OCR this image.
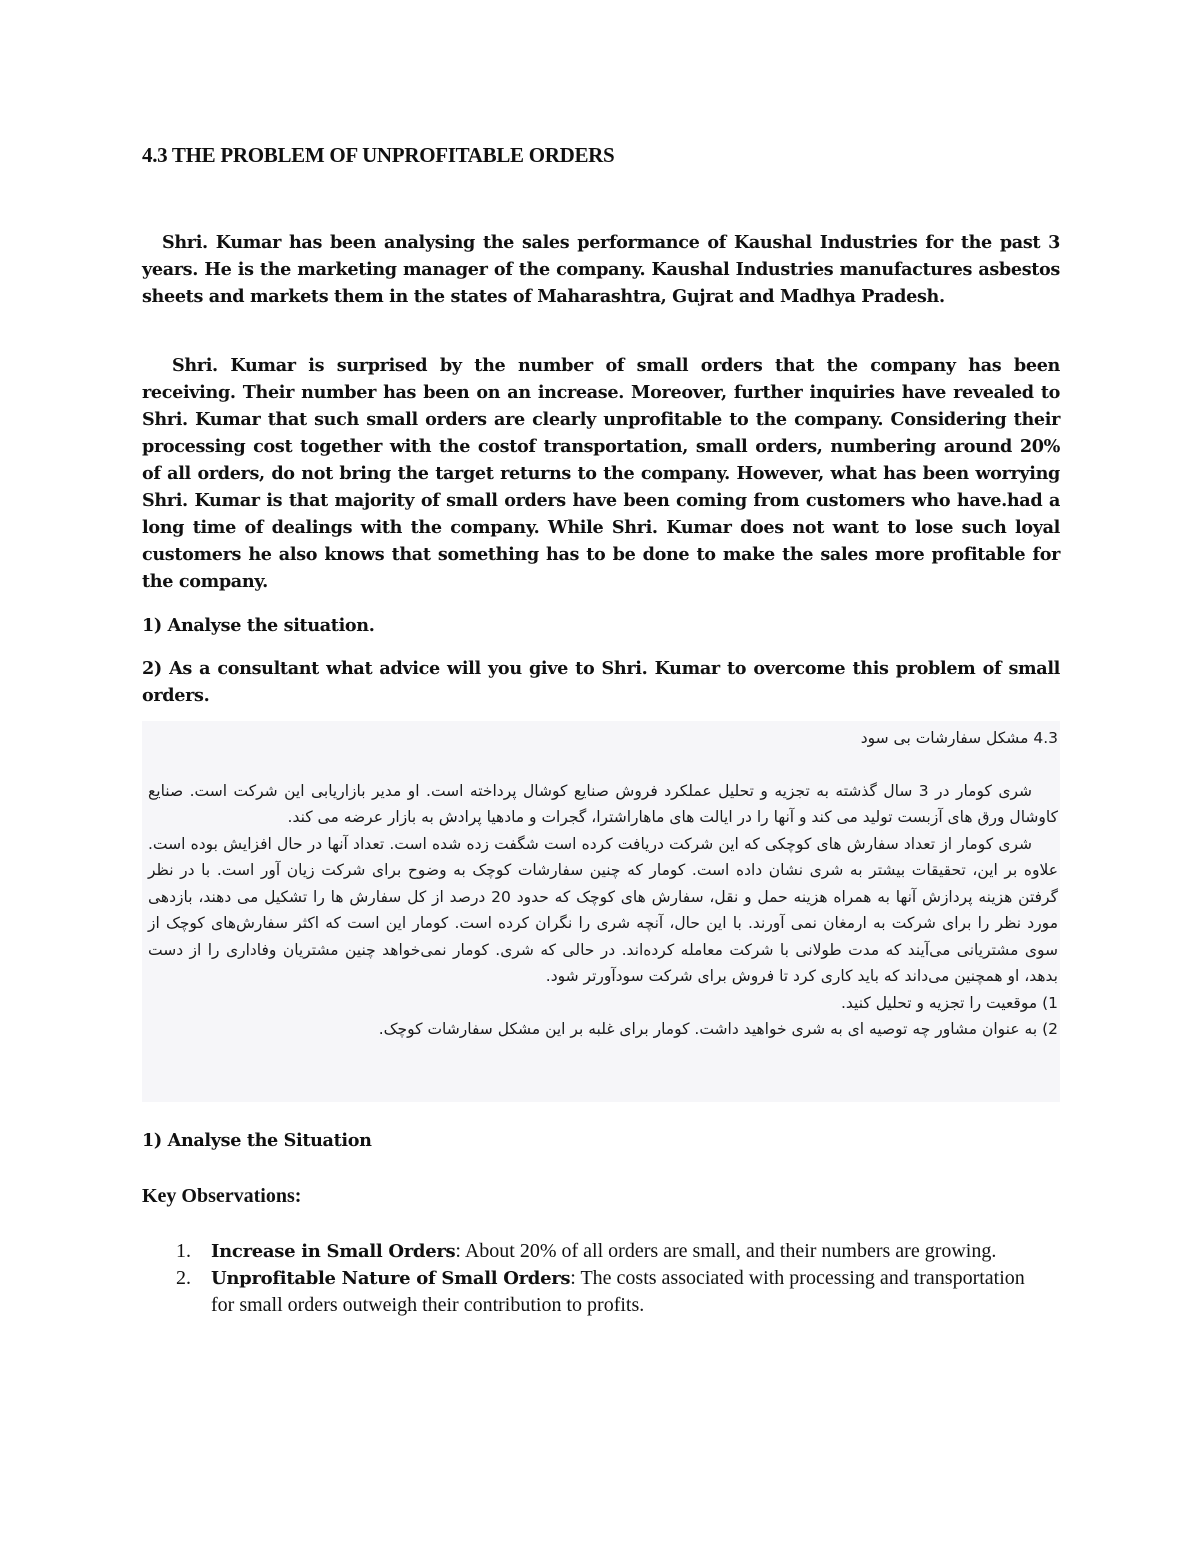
4.3 THE PROBLEM OF UNPROFITABLE ORDERS

Shri. Kumar has been analysing the sales performance of Kaushal Industries for the past 3 years. He is the marketing manager of the company. Kaushal Industries manufactures asbestos sheets and markets them in the states of Maharashtra, Gujrat and Madhya Pradesh.

Shri. Kumar is surprised by the number of small orders that the company has been receiving. Their number has been on an increase. Moreover, further inquiries have revealed to Shri. Kumar that such small orders are clearly unprofitable to the company. Considering their processing cost together with the costof transportation, small orders, numbering around 20% of all orders, do not bring the target returns to the company. However, what has been worrying Shri. Kumar is that majority of small orders have been coming from customers who have.had a long time of dealings with the company. While Shri. Kumar does not want to lose such loyal customers he also knows that something has to be done to make the sales more profitable for the company.

1) Analyse the situation.

2) As a consultant what advice will you give to Shri. Kumar to overcome this problem of small orders.

4.3 مشکل سفارشات بی سود

شری کومار در 3 سال گذشته به تجزیه و تحلیل عملکرد فروش صنایع کوشال پرداخته است. او مدیر بازاریابی این شرکت است. صنایع کاوشال ورق های آزبست تولید می کند و آنها را در ایالت های ماهاراشترا، گجرات و مادهیا پرادش به بازار عرضه می کند.

شری کومار از تعداد سفارش های کوچکی که این شرکت دریافت کرده است شگفت زده شده است. تعداد آنها در حال افزایش بوده است. علاوه بر این، تحقیقات بیشتر به شری نشان داده است. کومار که چنین سفارشات کوچک به وضوح برای شرکت زیان آور است. با در نظر گرفتن هزینه پردازش آنها به همراه هزینه حمل و نقل، سفارش های کوچک که حدود 20 درصد از کل سفارش ها را تشکیل می دهند، بازدهی مورد نظر را برای شرکت به ارمغان نمی آورند. با این حال، آنچه شری را نگران کرده است. کومار این است که اکثر سفارش‌های کوچک از سوی مشتریانی می‌آیند که مدت طولانی با شرکت معامله کرده‌اند. در حالی که شری. کومار نمی‌خواهد چنین مشتریان وفاداری را از دست بدهد، او همچنین می‌داند که باید کاری کرد تا فروش برای شرکت سودآورتر شود.

1) موقعیت را تجزیه و تحلیل کنید.

2) به عنوان مشاور چه توصیه ای به شری خواهید داشت. کومار برای غلبه بر این مشکل سفارشات کوچک.

1) Analyse the Situation
Key Observations:
1. Increase in Small Orders: About 20% of all orders are small, and their numbers are growing.
2. Unprofitable Nature of Small Orders: The costs associated with processing and transportation for small orders outweigh their contribution to profits.
